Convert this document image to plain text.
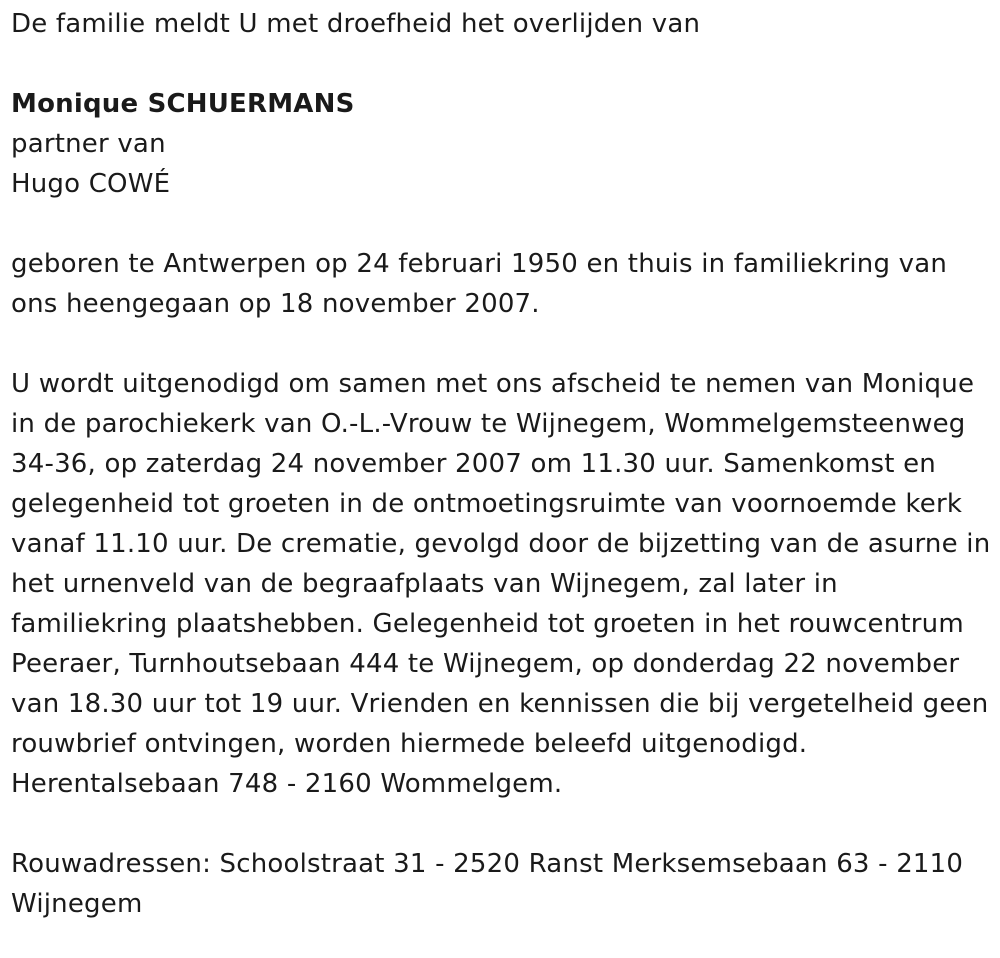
De familie meldt U met droefheid het overlijden van

Monique SCHUERMANS

partner van

Hugo COWÉ

geboren te Antwerpen op 24 februari 1950 en thuis in familiekring van

ons heengegaan op 18 november 2007.

U wordt uitgenodigd om samen met ons afscheid te nemen van Monique

in de parochiekerk van O.-L.-Vrouw te Wijnegem, Wommelgemsteenweg

34-36, op zaterdag 24 november 2007 om 11.30 uur. Samenkomst en

gelegenheid tot groeten in de ontmoetingsruimte van voornoemde kerk

vanaf 11.10 uur. De crematie, gevolgd door de bijzetting van de asurne in

het urnenveld van de begraafplaats van Wijnegem, zal later in

familiekring plaatshebben. Gelegenheid tot groeten in het rouwcentrum

Peeraer, Turnhoutsebaan 444 te Wijnegem, op donderdag 22 november

van 18.30 uur tot 19 uur. Vrienden en kennissen die bij vergetelheid geen

rouwbrief ontvingen, worden hiermede beleefd uitgenodigd.

Herentalsebaan 748 - 2160 Wommelgem.

Rouwadressen: Schoolstraat 31 - 2520 Ranst Merksemsebaan 63 - 2110

Wijnegem
